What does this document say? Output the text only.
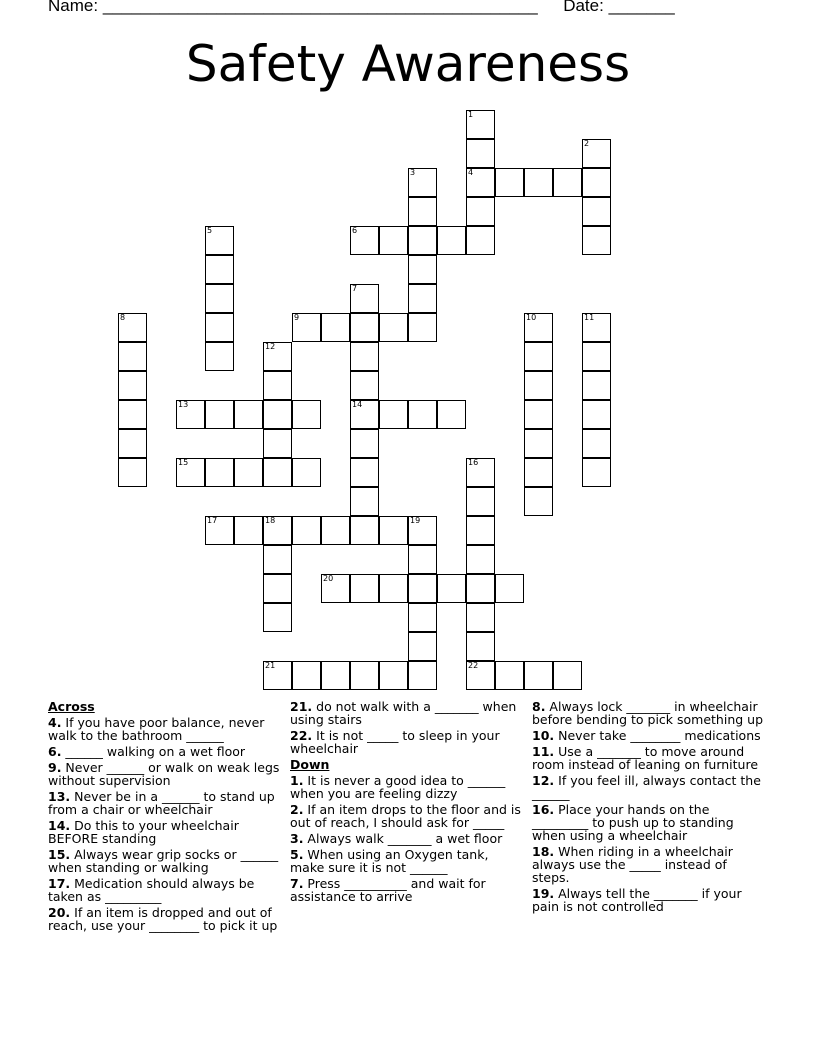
Name: ______________________________________________ Date: _______
Safety Awareness
1
4
2
3
5	6
7
14
8	9	10	11
12
13
15	16
22
17	18	19
20
21
Across
4. If you have poor balance, never walk to the bathroom ______
6. ______ walking on a wet floor
9. Never ______ or walk on weak legs without supervision
13. Never be in a ______ to stand up from a chair or wheelchair
14. Do this to your wheelchair BEFORE standing
15. Always wear grip socks or ______ when standing or walking
17. Medication should always be taken as _________
20. If an item is dropped and out of reach, use your ________ to pick it up
21. do not walk with a _______ when using stairs
22. It is not _____ to sleep in your wheelchair
Down
1. It is never a good idea to ______ when you are feeling dizzy
2. If an item drops to the floor and is out of reach, I should ask for _____
3. Always walk _______ a wet floor
5. When using an Oxygen tank, make sure it is not ______
7. Press __________ and wait for assistance to arrive
8. Always lock _______ in wheelchair before bending to pick something up
10. Never take ________ medications
11. Use a _______ to move around room instead of leaning on furniture
12. If you feel ill, always contact the ______
16. Place your hands on the _________ to push up to standing when using a wheelchair
18. When riding in a wheelchair always use the _____ instead of steps.
19. Always tell the _______ if your pain is not controlled
